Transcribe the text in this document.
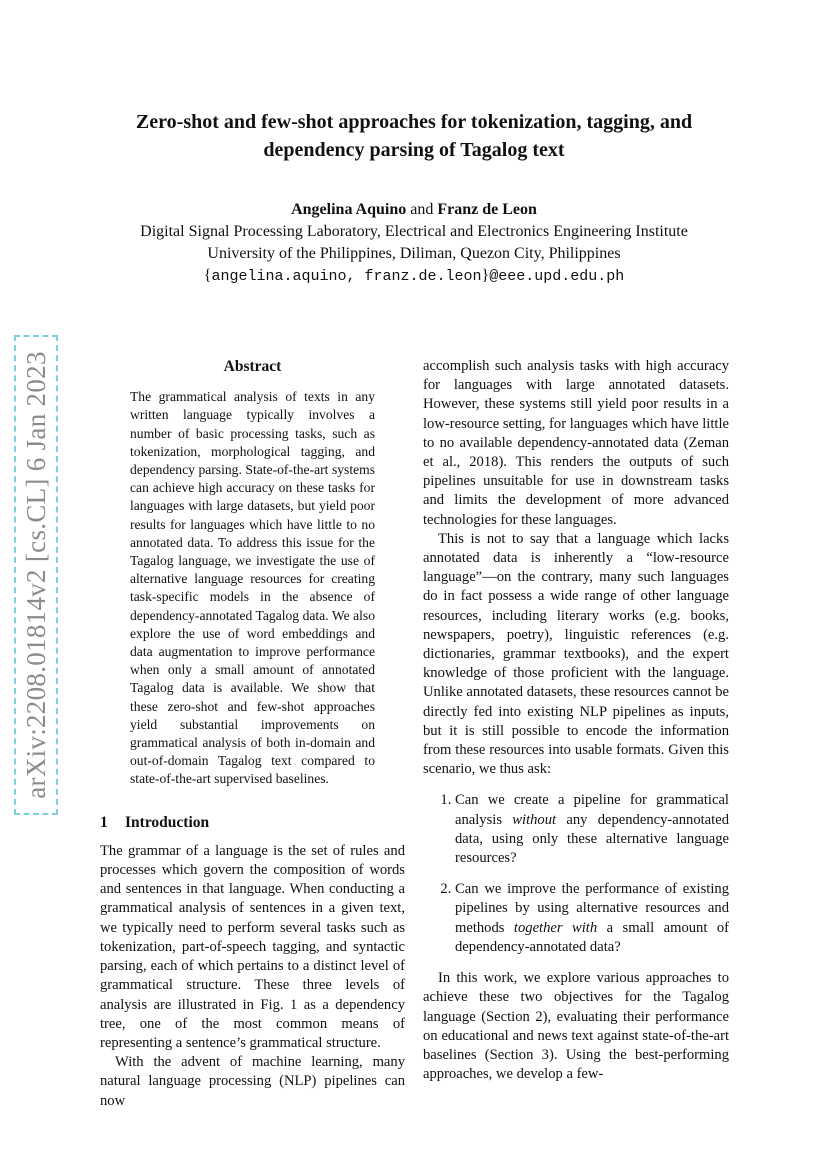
arXiv:2208.01814v2 [cs.CL] 6 Jan 2023
Zero-shot and few-shot approaches for tokenization, tagging, and
dependency parsing of Tagalog text
Angelina Aquino and Franz de Leon
Digital Signal Processing Laboratory, Electrical and Electronics Engineering Institute
University of the Philippines, Diliman, Quezon City, Philippines
{angelina.aquino, franz.de.leon}@eee.upd.edu.ph
Abstract

The grammatical analysis of texts in any written language typically involves a number of basic processing tasks, such as tokenization, morphological tagging, and dependency parsing. State-of-the-art systems can achieve high accuracy on these tasks for languages with large datasets, but yield poor results for languages which have little to no annotated data. To address this issue for the Tagalog language, we investigate the use of alternative language resources for creating task-specific models in the absence of dependency-annotated Tagalog data. We also explore the use of word embeddings and data augmentation to improve performance when only a small amount of annotated Tagalog data is available. We show that these zero-shot and few-shot approaches yield substantial improvements on grammatical analysis of both in-domain and out-of-domain Tagalog text compared to state-of-the-art supervised baselines.

1 Introduction

The grammar of a language is the set of rules and processes which govern the composition of words and sentences in that language. When conducting a grammatical analysis of sentences in a given text, we typically need to perform several tasks such as tokenization, part-of-speech tagging, and syntactic parsing, each of which pertains to a distinct level of grammatical structure. These three levels of analysis are illustrated in Fig. 1 as a dependency tree, one of the most common means of representing a sentence’s grammatical structure.

With the advent of machine learning, many natural language processing (NLP) pipelines can now

accomplish such analysis tasks with high accuracy for languages with large annotated datasets. However, these systems still yield poor results in a low-resource setting, for languages which have little to no available dependency-annotated data (Zeman et al., 2018). This renders the outputs of such pipelines unsuitable for use in downstream tasks and limits the development of more advanced technologies for these languages.

This is not to say that a language which lacks annotated data is inherently a “low-resource language”—on the contrary, many such languages do in fact possess a wide range of other language resources, including literary works (e.g. books, newspapers, poetry), linguistic references (e.g. dictionaries, grammar textbooks), and the expert knowledge of those proficient with the language. Unlike annotated datasets, these resources cannot be directly fed into existing NLP pipelines as inputs, but it is still possible to encode the information from these resources into usable formats. Given this scenario, we thus ask:

1. Can we create a pipeline for grammatical analysis without any dependency-annotated data, using only these alternative language resources?
2. Can we improve the performance of existing pipelines by using alternative resources and methods together with a small amount of dependency-annotated data?

In this work, we explore various approaches to achieve these two objectives for the Tagalog language (Section 2), evaluating their performance on educational and news text against state-of-the-art baselines (Section 3). Using the best-performing approaches, we develop a few-
